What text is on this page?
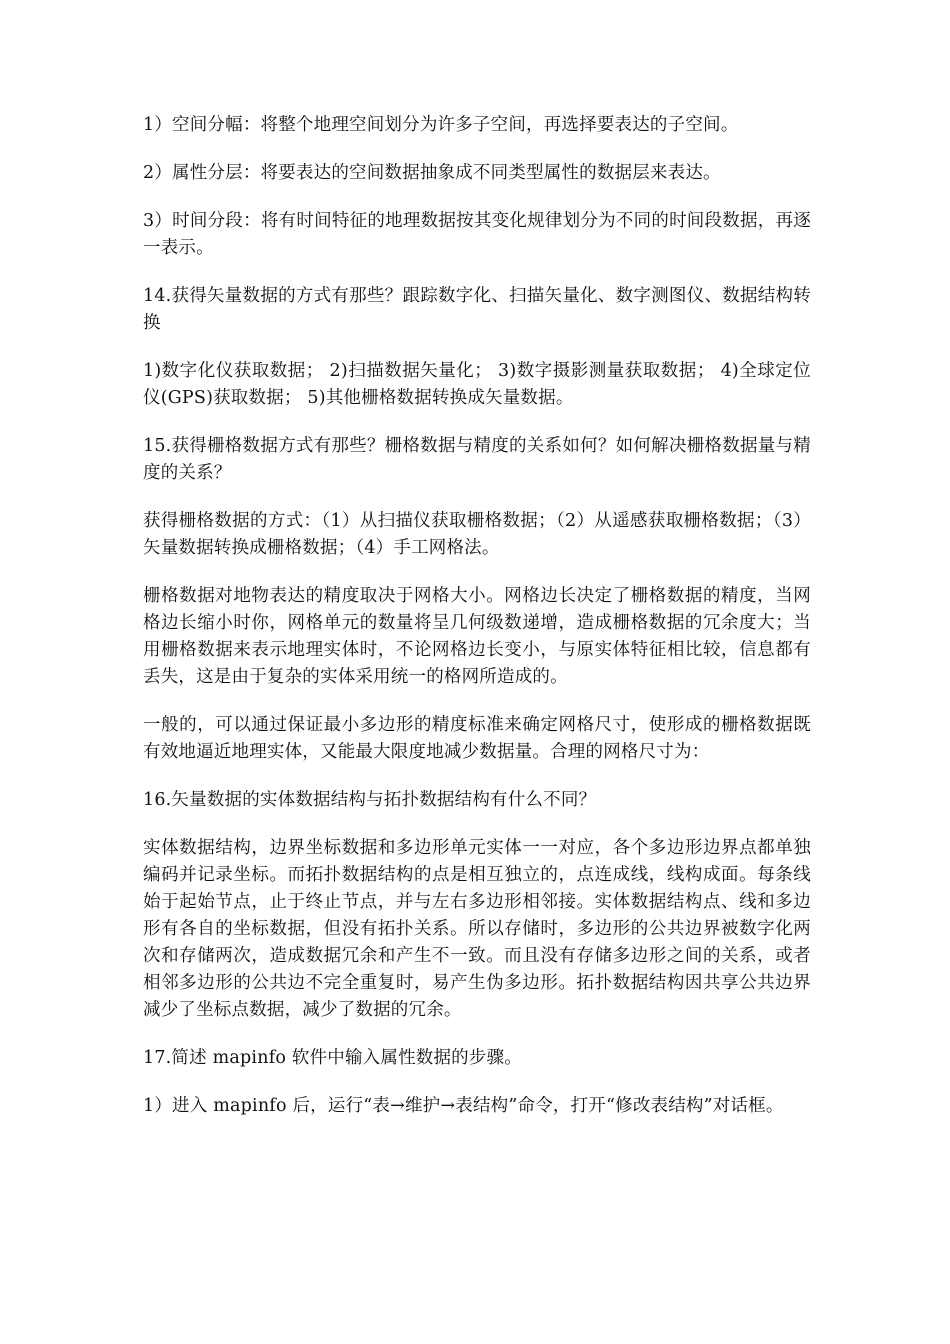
1）空间分幅：将整个地理空间划分为许多子空间，再选择要表达的子空间。

2）属性分层：将要表达的空间数据抽象成不同类型属性的数据层来表达。

3）时间分段：将有时间特征的地理数据按其变化规律划分为不同的时间段数据，再逐一表示。

14.获得矢量数据的方式有那些？跟踪数字化、扫描矢量化、数字测图仪、数据结构转换

1)数字化仪获取数据； 2)扫描数据矢量化； 3)数字摄影测量获取数据； 4)全球定位仪(GPS)获取数据； 5)其他栅格数据转换成矢量数据。

15.获得栅格数据方式有那些？栅格数据与精度的关系如何？如何解决栅格数据量与精度的关系？

获得栅格数据的方式：（1）从扫描仪获取栅格数据；（2）从遥感获取栅格数据；（3）矢量数据转换成栅格数据；（4）手工网格法。

栅格数据对地物表达的精度取决于网格大小。网格边长决定了栅格数据的精度，当网格边长缩小时你，网格单元的数量将呈几何级数递增，造成栅格数据的冗余度大；当用栅格数据来表示地理实体时，不论网格边长变小，与原实体特征相比较，信息都有丢失，这是由于复杂的实体采用统一的格网所造成的。

一般的，可以通过保证最小多边形的精度标准来确定网格尺寸，使形成的栅格数据既有效地逼近地理实体，又能最大限度地减少数据量。合理的网格尺寸为：

16.矢量数据的实体数据结构与拓扑数据结构有什么不同？

实体数据结构，边界坐标数据和多边形单元实体一一对应，各个多边形边界点都单独编码并记录坐标。而拓扑数据结构的点是相互独立的，点连成线，线构成面。每条线始于起始节点，止于终止节点，并与左右多边形相邻接。实体数据结构点、线和多边形有各自的坐标数据，但没有拓扑关系。所以存储时，多边形的公共边界被数字化两次和存储两次，造成数据冗余和产生不一致。而且没有存储多边形之间的关系，或者相邻多边形的公共边不完全重复时，易产生伪多边形。拓扑数据结构因共享公共边界减少了坐标点数据，减少了数据的冗余。

17.简述 mapinfo 软件中输入属性数据的步骤。

1）进入 mapinfo 后，运行“表→维护→表结构”命令，打开“修改表结构”对话框。
